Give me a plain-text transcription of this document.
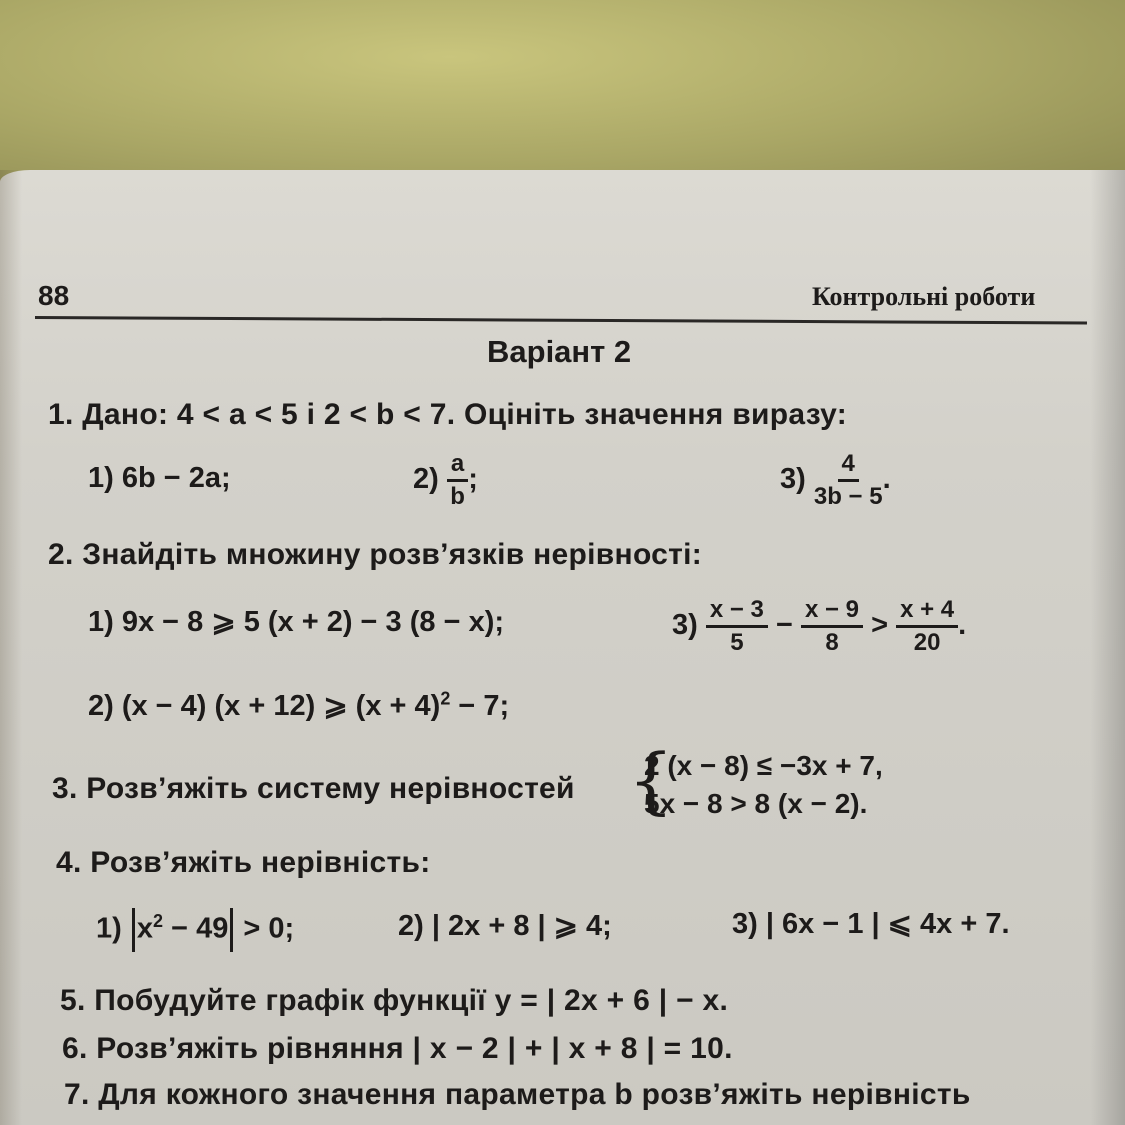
88	Контрольні роботи
Варіант 2
1. Дано: 4 < a < 5 і 2 < b < 7. Оцініть значення виразу:
1) 6b − 2a;	$2) \frac{a}{b}$ ;	$3) \frac{4}{3b - 5}$ .
2. Знайдіть множину розв’язків нерівності:
1) 9x − 8 ⩾ 5 (x + 2) − 3 (8 − x);	$3) \frac{x - 3}{5} - \frac{x - 9}{8} > \frac{x + 4}{20}$ .
2) (x − 4) (x + 12) ⩾ $(x + 4)^2 - 7$;
3. Розв’яжіть систему нерівностей {
2 (x − 8) ≤ −3x + 7,
5x − 8 > 8 (x − 2).
4. Розв’яжіть нерівність:
1) $x^2 - 49 > 0$;	2) | 2x + 8 | ⩾ 4;	3) | 6x − 1 | ⩽ 4x + 7.
5. Побудуйте графік функції y = | 2x + 6 | − x.
6. Розв’яжіть рівняння | x − 2 | + | x + 8 | = 10.
7. Для кожного значення параметра b розв’яжіть нерівність
